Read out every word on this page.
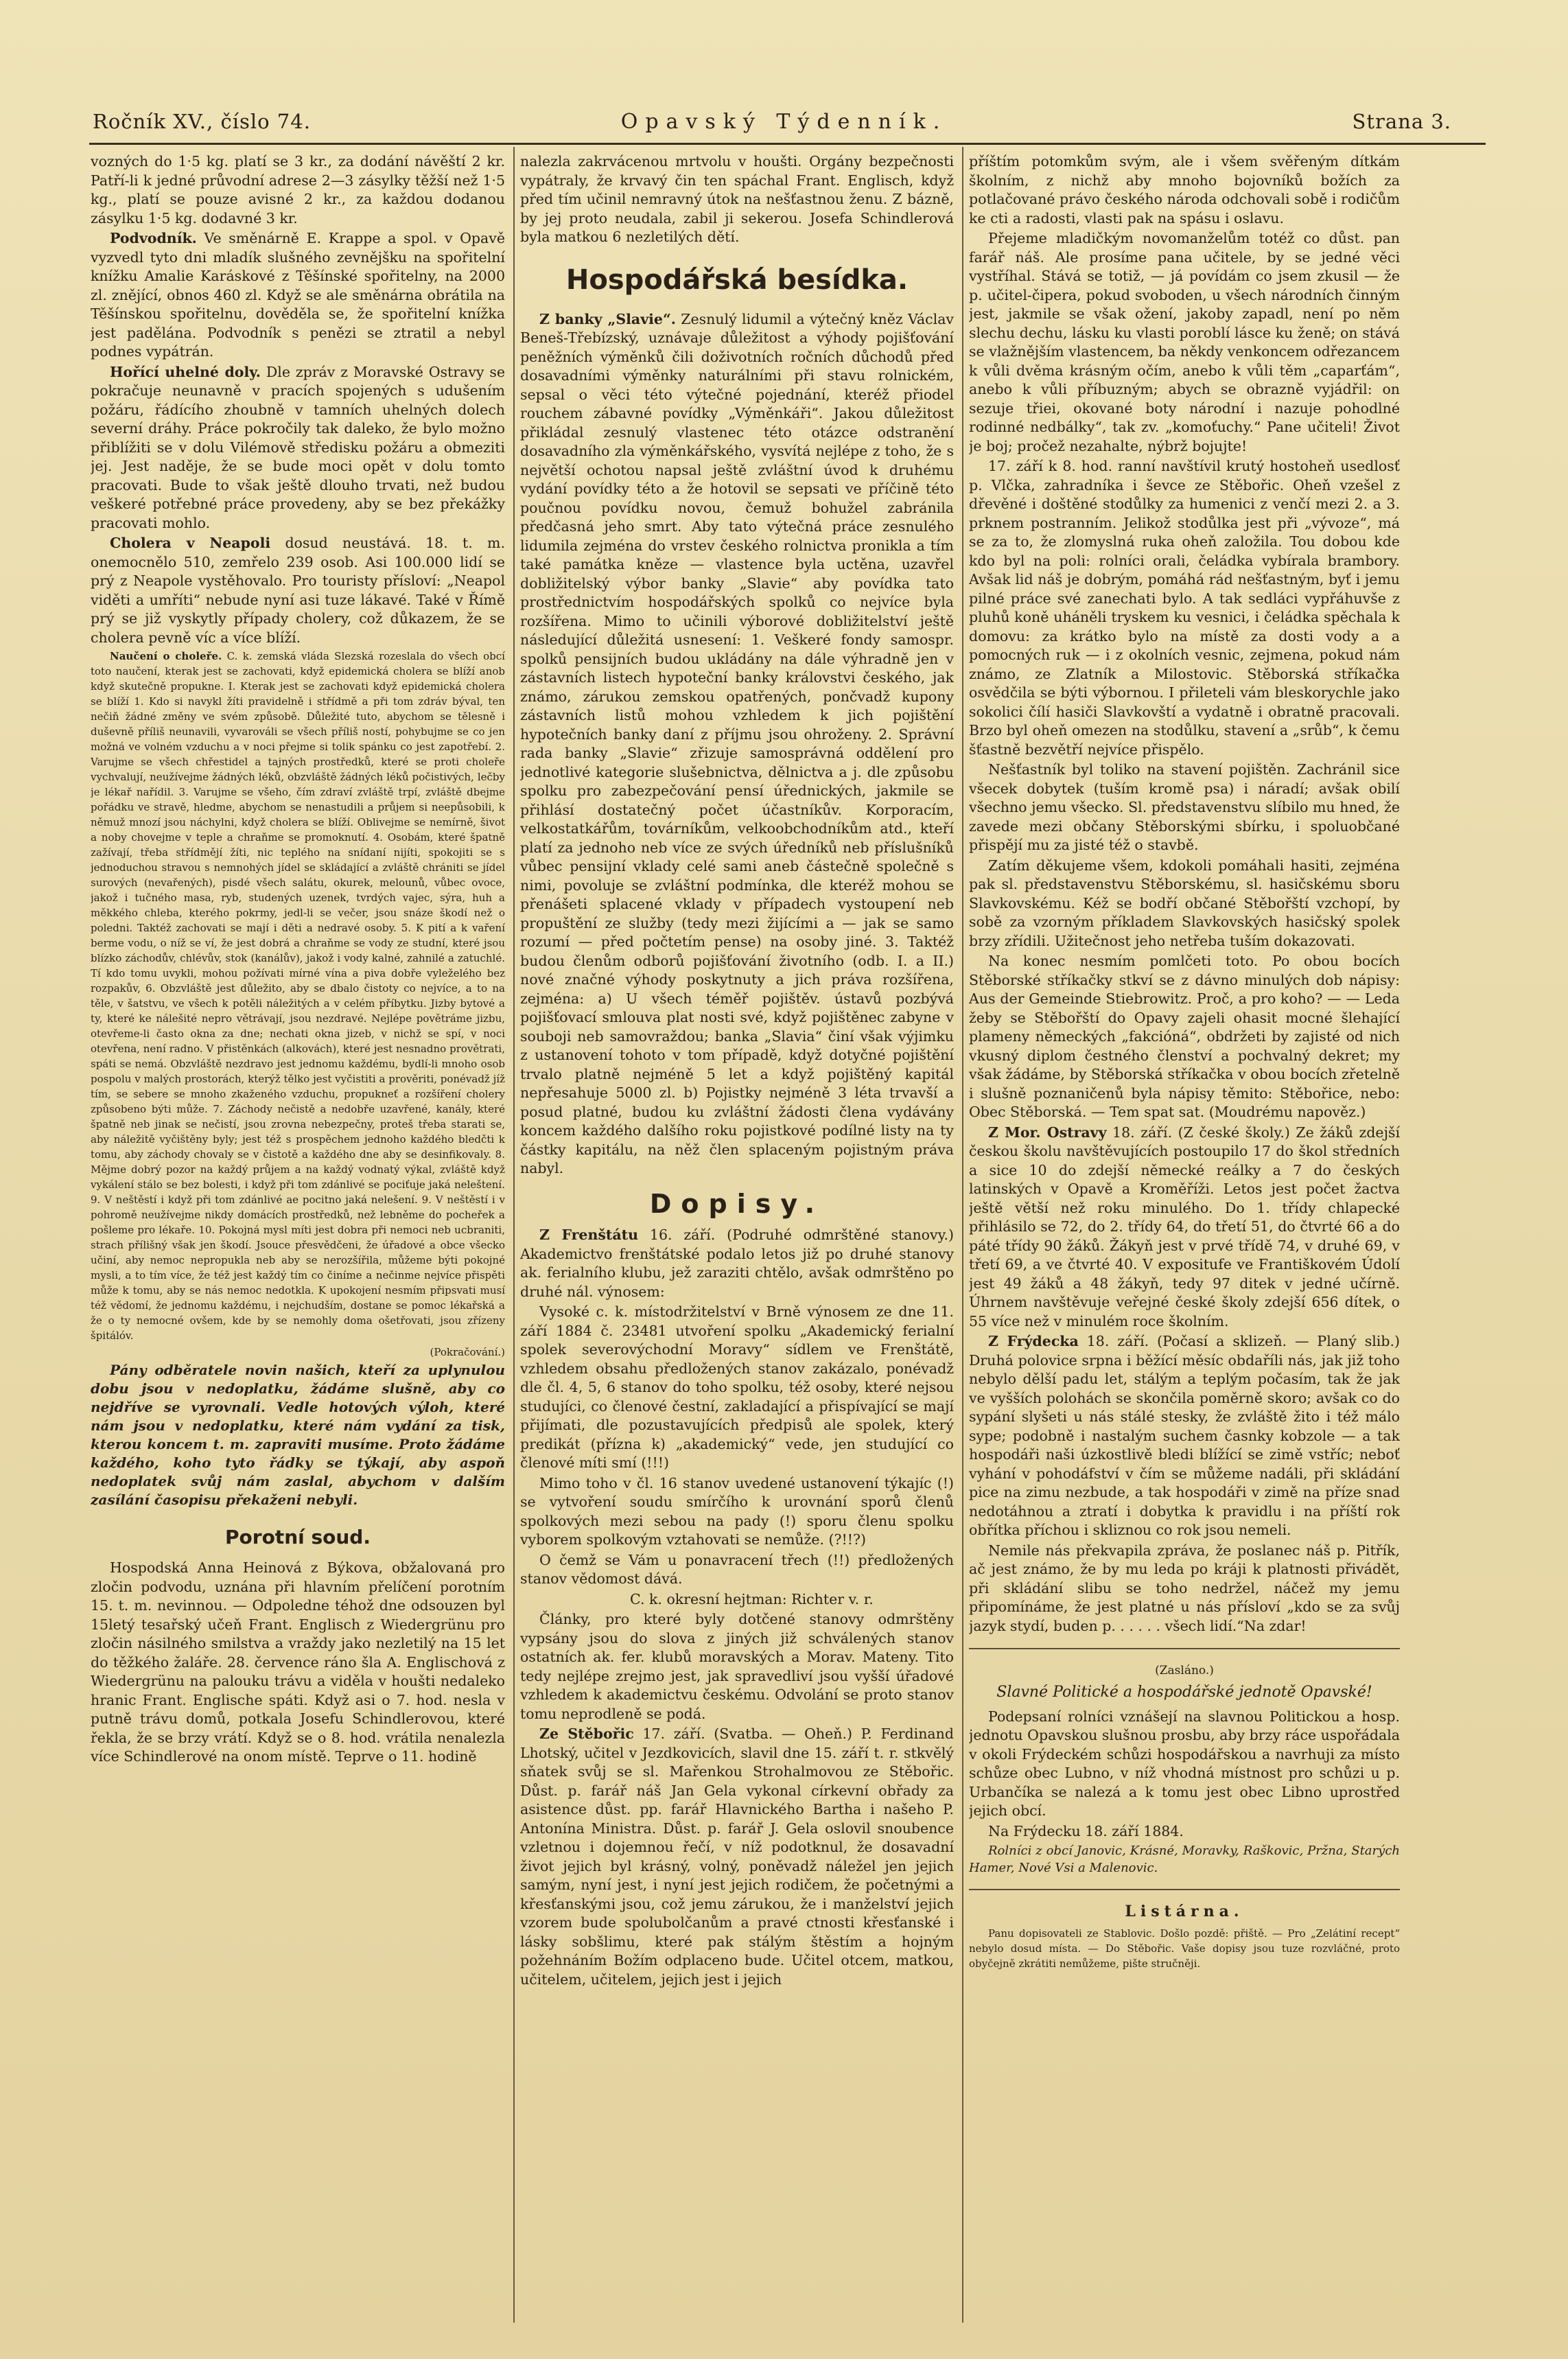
Ročník XV., číslo 74.	Opavský Týdenník.	Strana 3.

vozných do 1·5 kg. platí se 3 kr., za dodání návěští 2 kr. Patří-li k jedné průvodní adrese 2—3 zásylky těžší než 1·5 kg., platí se pouze avisné 2 kr., za každou dodanou zásylku 1·5 kg. dodavné 3 kr.

Podvodník. Ve směnárně E. Krappe a spol. v Opavě vyzvedl tyto dni mladík slušného zevnějšku na spořitelní knížku Amalie Karáskové z Těšínské spořitelny, na 2000 zl. znějící, obnos 460 zl. Když se ale směnárna obrátila na Těšínskou spořitelnu, dověděla se, že spořitelní knížka jest padělána. Podvodník s penězi se ztratil a nebyl podnes vypátrán.

Hořící uhelné doly. Dle zpráv z Moravské Ostravy se pokračuje neunavně v pracích spojených s udušením požáru, řádícího zhoubně v tamních uhelných dolech severní dráhy. Práce pokročily tak daleko, že bylo možno přiblížiti se v dolu Vilémově středisku požáru a obmeziti jej. Jest naděje, že se bude moci opět v dolu tomto pracovati. Bude to však ještě dlouho trvati, než budou veškeré potřebné práce provedeny, aby se bez překážky pracovati mohlo.

Cholera v Neapoli dosud neustává. 18. t. m. onemocnělo 510, zemřelo 239 osob. Asi 100.000 lidí se prý z Neapole vystěhovalo. Pro touristy přísloví: „Neapol viděti a umříti“ nebude nyní asi tuze lákavé. Také v Římě prý se již vyskytly případy cholery, což důkazem, že se cholera pevně víc a více blíží.

Naučení o choleře. C. k. zemská vláda Slezská rozeslala do všech obcí toto naučení, kterak jest se zachovati, když epidemická cholera se blíží anob když skutečně propukne. I. Kterak jest se zachovati když epidemická cholera se blíží 1. Kdo si navykl žíti pravidelně i střídmě a při tom zdráv býval, ten nečiň žádné změny ve svém způsobě. Důležité tuto, abychom se tělesně i duševně příliš neunavili, vyvarováli se všech příliš ností, pohybujme se co jen možná ve volném vzduchu a v noci přejme si tolik spánku co jest zapotřebí. 2. Varujme se všech chřestidel a tajných prostředků, které se proti choleře vychvalují, neužívejme žádných léků, obzvláště žádných léků počistivých, lečby je lékař nařídil. 3. Varujme se všeho, čím zdraví zvláště trpí, zvláště dbejme pořádku ve stravě, hledme, abychom se nenastudili a průjem si neepůsobili, k němuž mnozí jsou náchylni, když cholera se blíží. Oblivejme se nemírně, šivot a noby chovejme v teple a chraňme se promoknutí. 4. Osobám, které špatně zažívají, třeba střídmějí žíti, nic teplého na snídaní nijíti, spokojiti se s jednoduchou stravou s nemnohých jídel se skládající a zvláště chrániti se jídel surových (nevařených), pisdé všech salátu, okurek, melounů, vůbec ovoce, jakož i tučného masa, ryb, studených uzenek, tvrdých vajec, sýra, huh a měkkého chleba, kterého pokrmy, jedl-li se večer, jsou snáze škodí než o poledni. Taktéž zachovati se mají i děti a nedravé osoby. 5. K pití a k vaření berme vodu, o níž se ví, že jest dobrá a chraňme se vody ze studní, které jsou blízko záchodův, chlévův, stok (kanálův), jakož i vody kalné, zahnilé a zatuchlé. Tí kdo tomu uvykli, mohou požívati mírné vína a piva dobře vyleželého bez rozpakův, 6. Obzvláště jest důležito, aby se dbalo čistoty co nejvíce, a to na těle, v šatstvu, ve všech k potěli náležitých a v celém příbytku. Jizby bytové a ty, které ke nálešité nepro větrávají, jsou nezdravé. Nejlépe povětráme jizbu, otevřeme-li často okna za dne; nechati okna jizeb, v nichž se spí, v noci otevřena, není radno. V přistěnkách (alkovách), které jest nesnadno provětrati, spáti se nemá. Obzvláště nezdravo jest jednomu každému, bydlí-li mnoho osob pospolu v malých prostorách, kterýž tělko jest vyčistiti a prověriti, ponévadž jíž tím, se sebere se mnoho zkaženého vzduchu, propukneť a rozšíření cholery způsobeno býti může. 7. Záchody nečistě a nedobře uzavřené, kanály, které špatně neb jinak se nečistí, jsou zrovna nebezpečny, proteš třeba starati se, aby náležitě vyčištěny byly; jest též s prospěchem jednoho každého bledčti k tomu, aby záchody chovaly se v čistotě a každého dne aby se desinfikovaly. 8. Mějme dobrý pozor na každý průjem a na každý vodnatý výkal, zvláště když vykálení stálo se bez bolesti, i když při tom zdánlivé se pociťuje jaká neleštení. 9. V neštěstí i když při tom zdánlivé ae pocitno jaká nelešení. 9. V neštěstí i v pohromě neužívejme nikdy domácích prostředků, než lebněme do pocheřek a pošleme pro lékaře. 10. Pokojná mysl míti jest dobra při nemoci neb ucbraniti, strach přílišný však jen škodí. Jsouce přesvědčeni, že úřadové a obce všecko učiní, aby nemoc nepropukla neb aby se nerozšířila, můžeme býti pokojné mysli, a to tím více, že též jest každý tím co činíme a nečinme nejvíce přispěti může k tomu, aby se nás nemoc nedotkla. K upokojení nesmím připsvati musí též vědomí, že jednomu každému, i nejchudším, dostane se pomoc lékařská a že o ty nemocné ovšem, kde by se nemohly doma ošetřovati, jsou zřízeny špitálóv.

(Pokračování.)

Pány odběratele novin našich, kteří za uplynulou dobu jsou v nedoplatku, žádáme slušně, aby co nejdříve se vyrovnali. Vedle hotových výloh, které nám jsou v nedoplatku, které nám vydání za tisk, kterou koncem t. m. zapraviti musíme. Proto žádáme každého, koho tyto řádky se týkají, aby aspoň nedoplatek svůj nám zaslal, abychom v dalším zasílání časopisu překaženi nebyli.

Porotní soud.

Hospodská Anna Heinová z Býkova, obžalovaná pro zločin podvodu, uznána při hlavním přelíčení porotním 15. t. m. nevinnou. — Odpoledne téhož dne odsouzen byl 15letý tesařský učeň Frant. Englisch z Wiedergrünu pro zločin násilného smilstva a vraždy jako nezletilý na 15 let do těžkého žaláře. 28. července ráno šla A. Englischová z Wiedergrünu na palouku trávu a viděla v houšti nedaleko hranic Frant. Englische spáti. Když asi o 7. hod. nesla v putně trávu domů, potkala Josefu Schindlerovou, které řekla, že se brzy vrátí. Když se o 8. hod. vrátila nenalezla více Schindlerové na onom místě. Teprve o 11. hodině

nalezla zakrvácenou mrtvolu v houšti. Orgány bezpečnosti vypátraly, že krvavý čin ten spáchal Frant. Englisch, když před tím učinil nemravný útok na nešťastnou ženu. Z bázně, by jej proto neudala, zabil ji sekerou. Josefa Schindlerová byla matkou 6 nezletilých dětí.

Hospodářská besídka.

Z banky „Slavie“. Zesnulý lidumil a výtečný kněz Václav Beneš-Třebízský, uznávaje důležitost a výhody pojišťování peněžních výměnků čili doživotních ročních důchodů před dosavadními výměnky naturálními při stavu rolnickém, sepsal o věci této výtečné pojednání, kteréž přiodel rouchem zábavné povídky „Výměnkáři“. Jakou důležitost přikládal zesnulý vlastenec této otázce odstranění dosavadního zla výměnkářského, vysvítá nejlépe z toho, že s největší ochotou napsal ještě zvláštní úvod k druhému vydání povídky této a že hotovil se sepsati ve příčině této poučnou povídku novou, čemuž bohužel zabránila předčasná jeho smrt. Aby tato výtečná práce zesnulého lidumila zejména do vrstev českého rolnictva pronikla a tím také památka kněze — vlastence byla uctěna, uzavřel dobližitelský výbor banky „Slavie“ aby povídka tato prostřednictvím hospodářských spolků co nejvíce byla rozšířena. Mimo to učinili výborové dobližitelství ještě následující důležitá usnesení: 1. Veškeré fondy samospr. spolků pensijních budou ukládány na dále výhradně jen v zástavních listech hypoteční banky královstvi českého, jak známo, zárukou zemskou opatřených, pončvadž kupony zástavních listů mohou vzhledem k jich pojištění hypotečních banky daní z příjmu jsou ohroženy. 2. Správní rada banky „Slavie“ zřizuje samosprávná oddělení pro jednotlivé kategorie slušebnictva, dělnictva a j. dle způsobu spolku pro zabezpečování pensí úřednických, jakmile se přihlásí dostatečný počet účastníkův. Korporacím, velkostatkářům, továrníkům, velkoobchodníkům atd., kteří platí za jednoho neb více ze svých úředníků neb příslušníků vůbec pensijní vklady celé sami aneb částečně společně s nimi, povoluje se zvláštní podmínka, dle kteréž mohou se přenášeti splacené vklady v případech vystoupení neb propuštění ze služby (tedy mezi žijícími a — jak se samo rozumí — před počtetím pense) na osoby jiné. 3. Taktéž budou členům odborů pojišťování životního (odb. I. a II.) nové značné výhody poskytnuty a jich práva rozšířena, zejména: a) U všech téměř pojištěv. ústavů pozbývá pojišťovací smlouva plat nosti své, když pojištěnec zabyne v souboji neb samovraždou; banka „Slavia“ činí však výjimku z ustanovení tohoto v tom případě, když dotyčné pojištění trvalo platně nejméně 5 let a když pojištěný kapitál nepřesahuje 5000 zl. b) Pojistky nejméně 3 léta trvavší a posud platné, budou ku zvláštní žádosti člena vydávány koncem každého dalšího roku pojistkové podílné listy na ty částky kapitálu, na něž člen splaceným pojistným práva nabyl.

Dopisy.

Z Frenštátu 16. září. (Podruhé odmrštěné stanovy.) Akademictvo frenštátské podalo letos již po druhé stanovy ak. ferialního klubu, jež zaraziti chtělo, avšak odmrštěno po druhé nál. výnosem:

Vysoké c. k. místodržitelství v Brně výnosem ze dne 11. září 1884 č. 23481 utvoření spolku „Akademický ferialní spolek severovýchodní Moravy“ sídlem ve Frenštátě, vzhledem obsahu předložených stanov zakázalo, ponévadž dle čl. 4, 5, 6 stanov do toho spolku, též osoby, které nejsou studujíci, co členové čestní, zakladající a přispívající se mají přijímati, dle pozustavujících předpisů ale spolek, který predikát (přízna k) „akademický“ vede, jen studující co členové míti smí (!!!)

Mimo toho v čl. 16 stanov uvedené ustanovení týkajíc (!) se vytvoření soudu smírčího k urovnání sporů členů spolkových mezi sebou na pady (!) sporu členu spolku vyborem spolkovým vztahovati se nemůže. (?!!?)

O čemž se Vám u ponavracení třech (!!) předložených stanov vědomost dává.

C. k. okresní hejtman: Richter v. r.

Články, pro které byly dotčené stanovy odmrštěny vypsány jsou do slova z jiných již schválených stanov ostatních ak. fer. klubů moravských a Morav. Mateny. Tito tedy nejlépe zrejmo jest, jak spravedliví jsou vyšší úřadové vzhledem k akademictvu českému. Odvolání se proto stanov tomu neprodleně se podá.

Ze Stěbořic 17. září. (Svatba. — Oheň.) P. Ferdinand Lhotský, učitel v Jezdkovicích, slavil dne 15. září t. r. stkvělý sňatek svůj se sl. Mařenkou Strohalmovou ze Stěbořic. Důst. p. farář náš Jan Gela vykonal církevní obřady za asistence důst. pp. farář Hlavnického Bartha i našeho P. Antonína Ministra. Důst. p. farář J. Gela oslovil snoubence vzletnou i dojemnou řečí, v níž podotknul, že dosavadní život jejich byl krásný, volný, poněvadž náležel jen jejich samým, nyní jest, i nyní jest jejich rodičem, že početnými a křesťanskými jsou, což jemu zárukou, že i manželství jejich vzorem bude spolubolčanům a pravé ctnosti křesťanské i lásky sobšlimu, které pak stálým štěstím a hojným požehnáním Božím odplaceno bude. Učitel otcem, matkou, učitelem, učitelem, jejich jest i jejich

příštím potomkům svým, ale i všem svěřeným dítkám školním, z nichž aby mnoho bojovníků božích za potlačované právo českého národa odchovali sobě i rodičům ke cti a radosti, vlasti pak na spásu i oslavu.

Přejeme mladičkým novomanželům totéž co důst. pan farář náš. Ale prosíme pana učitele, by se jedné věci vystříhal. Stává se totiž, — já povídám co jsem zkusil — že p. učitel-čipera, pokud svoboden, u všech národních činným jest, jakmile se však ožení, jakoby zapadl, není po něm slechu dechu, lásku ku vlasti poroblí lásce ku ženě; on stává se vlažnějším vlastencem, ba někdy venkoncem odřezancem k vůli dvěma krásným očím, anebo k vůli těm „caparťám“, anebo k vůli příbuzným; abych se obrazně vyjádřil: on sezuje třiei, okované boty národní i nazuje pohodlné rodinné nedbálky“, tak zv. „komoťuchy.“ Pane učiteli! Život je boj; pročež nezahalte, nýbrž bojujte!

17. září k 8. hod. ranní navštívil krutý hostoheň usedlosť p. Vlčka, zahradníka i ševce ze Stěbořic. Oheň vzešel z dřevěné i doštěné stodůlky za humenici z venčí mezi 2. a 3. prknem postranním. Jelikož stodůlka jest při „vývoze“, má se za to, že zlomyslná ruka oheň založila. Tou dobou kde kdo byl na poli: rolníci orali, čeládka vybírala brambory. Avšak lid náš je dobrým, pomáhá rád nešťastným, byť i jemu pilné práce své zanechati bylo. A tak sedláci vypřáhuvše z pluhů koně uháněli tryskem ku vesnici, i čeládka spěchala k domovu: za krátko bylo na místě za dosti vody a a pomocných ruk — i z okolních vesnic, zejmena, pokud nám známo, ze Zlatník a Milostovic. Stěborská stříkačka osvědčila se býti výbornou. I přileteli vám bleskorychle jako sokolici čílí hasiči Slavkovští a vydatně i obratně pracovali. Brzo byl oheň omezen na stodůlku, stavení a „srůb“, k čemu šťastně bezvětří nejvíce přispělo.

Nešťastník byl toliko na stavení pojištěn. Zachránil sice všecek dobytek (tuším kromě psa) i náradí; avšak obilí všechno jemu všecko. Sl. představenstvu slíbilo mu hned, že zavede mezi občany Stěborskými sbírku, i spoluobčané přispějí mu za jisté též o stavbě.

Zatím děkujeme všem, kdokoli pomáhali hasiti, zejména pak sl. představenstvu Stěborskému, sl. hasičskému sboru Slavkovskému. Kéž se bodří občané Stěbořští vzchopí, by sobě za vzorným příkladem Slavkovských hasičský spolek brzy zřídili. Užitečnost jeho netřeba tuším dokazovati.

Na konec nesmím pomlčeti toto. Po obou bocích Stěborské stříkačky stkví se z dávno minulých dob nápisy: Aus der Gemeinde Stiebrowitz. Proč, a pro koho? — — Leda žeby se Stěbořští do Opavy zajeli ohasit mocné šlehající plameny německých „fakcióná“, obdržeti by zajisté od nich vkusný diplom čestného členství a pochvalný dekret; my však žádáme, by Stěborská stříkačka v obou bocích zřetelně i slušně poznaničenů byla nápisy těmito: Stěbořice, nebo: Obec Stěborská. — Tem spat sat. (Moudrému napověz.)

Z Mor. Ostravy 18. září. (Z české školy.) Ze žáků zdejší českou školu navštěvujících postoupilo 17 do škol středních a sice 10 do zdejší německé reálky a 7 do českých latinských v Opavě a Kroměříži. Letos jest počet žactva ještě větší než roku minulého. Do 1. třídy chlapecké přihlásilo se 72, do 2. třídy 64, do třetí 51, do čtvrté 66 a do páté třídy 90 žáků. Žákyň jest v prvé třídě 74, v druhé 69, v třetí 69, a ve čtvrté 40. V expositufe ve Františkovém Údolí jest 49 žáků a 48 žákyň, tedy 97 ditek v jedné učírně. Úhrnem navštěvuje veřejné české školy zdejší 656 dítek, o 55 více než v minulém roce školním.

Z Frýdecka 18. září. (Počasí a sklizeň. — Planý slib.) Druhá polovice srpna i běžící měsíc obdaříli nás, jak již toho nebylo dělší padu let, stálým a teplým počasím, tak že jak ve vyšších polohách se skončila poměrně skoro; avšak co do sypání slyšeti u nás stálé stesky, že zvláště žito i též málo sype; podobně i nastalým suchem časnky kobzole — a tak hospodáři naši úzkostlivě bledi blížící se zimě vstříc; neboť vyhání v pohodáfství v čím se můžeme nadáli, při skládání pice na zimu nezbude, a tak hospodáři v zimě na příze snad nedotáhnou a ztratí i dobytka k pravidlu i na příští rok obřítka příchou i skliznou co rok jsou nemeli.

Nemile nás překvapila zpráva, že poslanec náš p. Pitřík, ač jest známo, že by mu leda po kráji k platnosti přivádět, při skládání slibu se toho nedržel, náčež my jemu připomínáme, že jest platné u nás přísloví „kdo se za svůj jazyk stydí, buden p. . . . . . všech lidí.“Na zdar!

(Zasláno.)
Slavné Politické a hospodářské jednotě Opavské!

Podepsaní rolníci vznášejí na slavnou Politickou a hosp. jednotu Opavskou slušnou prosbu, aby brzy ráce uspořádala v okoli Frýdeckém schůzi hospodářskou a navrhuji za místo schůze obec Lubno, v níž vhodná místnost pro schůzi u p. Urbančíka se nalezá a k tomu jest obec Libno uprostřed jejich obcí.

Na Frýdecku 18. září 1884.

Rolníci z obcí Janovic, Krásné, Moravky, Raškovic, Pržna, Starých Hamer, Nové Vsi a Malenovic.

Listárna.

Panu dopisovateli ze Stablovic. Došlo pozdě: přiště. — Pro „Zelátiní recept“ nebylo dosud místa. — Do Stěbořic. Vaše dopisy jsou tuze rozvláčné, proto obyčejně zkrátiti nemůžeme, pište stručněji.
